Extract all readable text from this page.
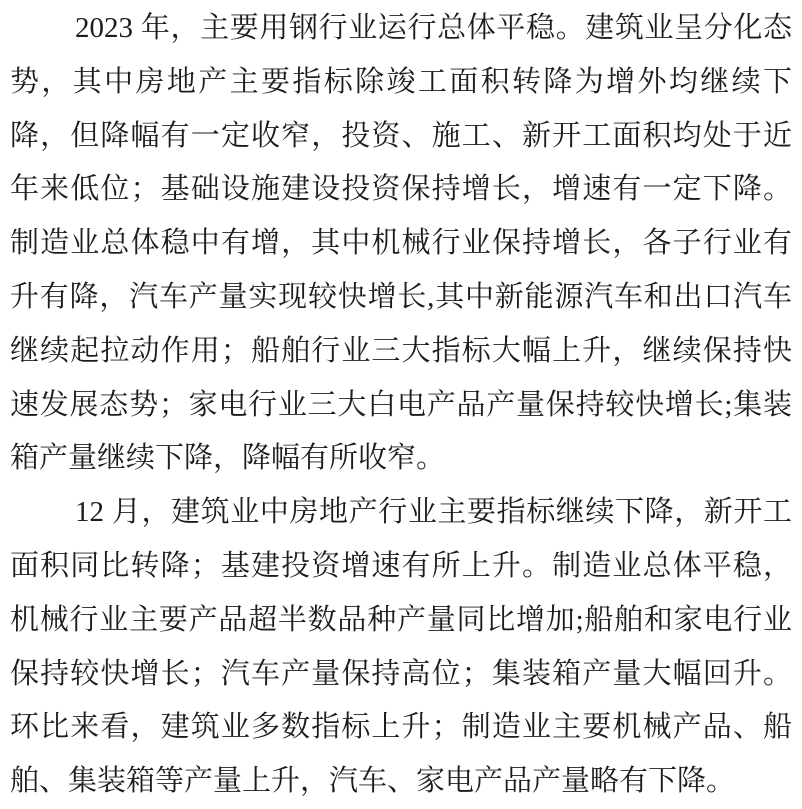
2023 年，主要用钢行业运行总体平稳。建筑业呈分化态势，其中房地产主要指标除竣工面积转降为增外均继续下降，但降幅有一定收窄，投资、施工、新开工面积均处于近年来低位；基础设施建设投资保持增长，增速有一定下降。制造业总体稳中有增，其中机械行业保持增长，各子行业有升有降，汽车产量实现较快增长,其中新能源汽车和出口汽车继续起拉动作用；船舶行业三大指标大幅上升，继续保持快速发展态势；家电行业三大白电产品产量保持较快增长;集装箱产量继续下降，降幅有所收窄。

12 月，建筑业中房地产行业主要指标继续下降，新开工面积同比转降；基建投资增速有所上升。制造业总体平稳，机械行业主要产品超半数品种产量同比增加;船舶和家电行业保持较快增长；汽车产量保持高位；集装箱产量大幅回升。环比来看，建筑业多数指标上升；制造业主要机械产品、船舶、集装箱等产量上升，汽车、家电产品产量略有下降。
